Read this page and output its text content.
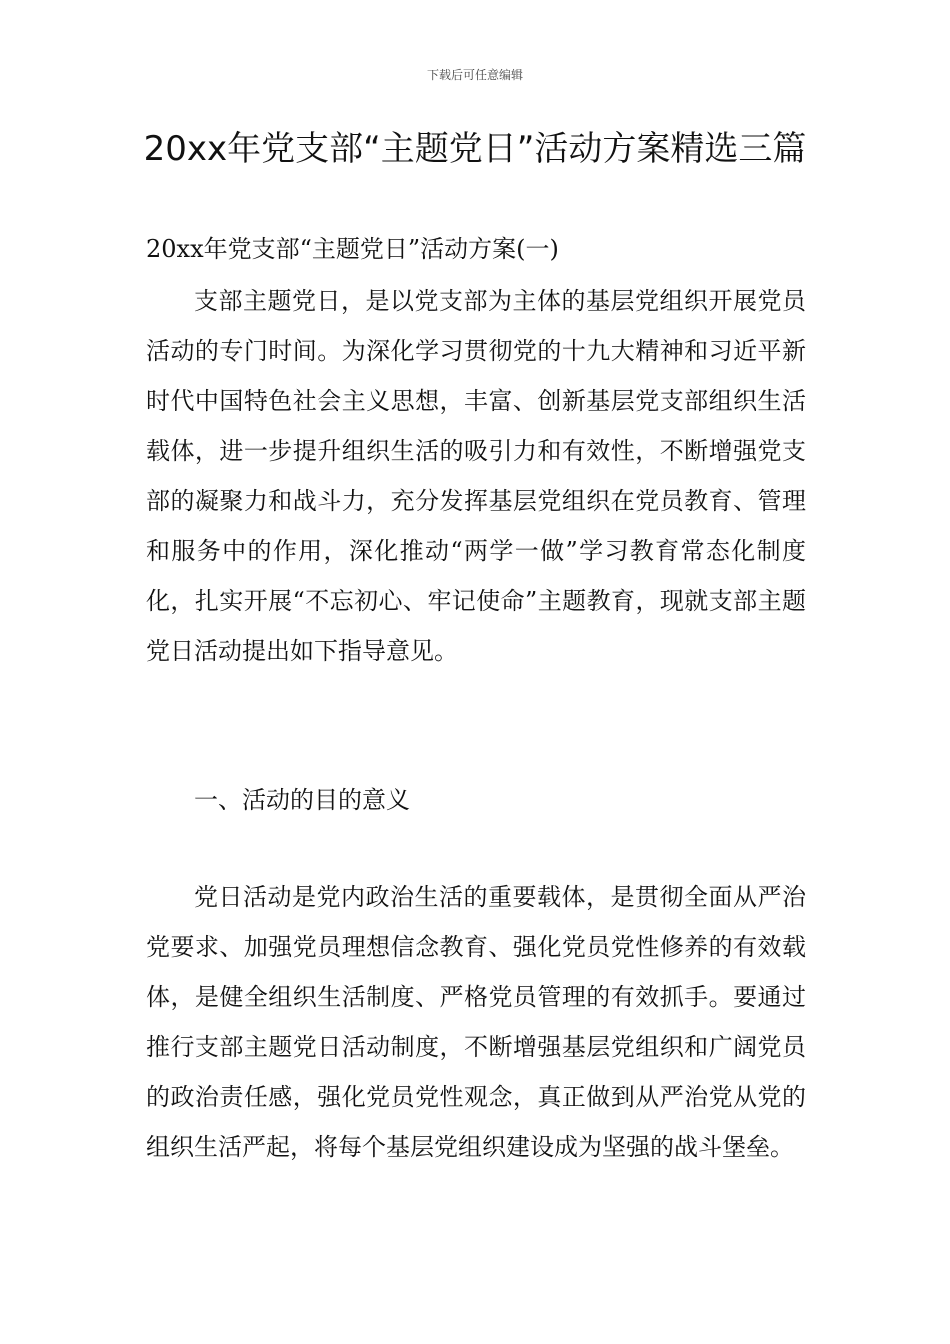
下载后可任意编辑
20xx年党支部“主题党日”活动方案精选三篇
20xx年党支部“主题党日”活动方案(一)

支部主题党日，是以党支部为主体的基层党组织开展党员活动的专门时间。为深化学习贯彻党的十九大精神和习近平新时代中国特色社会主义思想，丰富、创新基层党支部组织生活载体，进一步提升组织生活的吸引力和有效性，不断增强党支部的凝聚力和战斗力，充分发挥基层党组织在党员教育、管理和服务中的作用，深化推动“两学一做”学习教育常态化制度化，扎实开展“不忘初心、牢记使命”主题教育，现就支部主题党日活动提出如下指导意见。

一、活动的目的意义

党日活动是党内政治生活的重要载体，是贯彻全面从严治党要求、加强党员理想信念教育、强化党员党性修养的有效载体，是健全组织生活制度、严格党员管理的有效抓手。要通过推行支部主题党日活动制度，不断增强基层党组织和广阔党员的政治责任感，强化党员党性观念，真正做到从严治党从党的组织生活严起，将每个基层党组织建设成为坚强的战斗堡垒。
